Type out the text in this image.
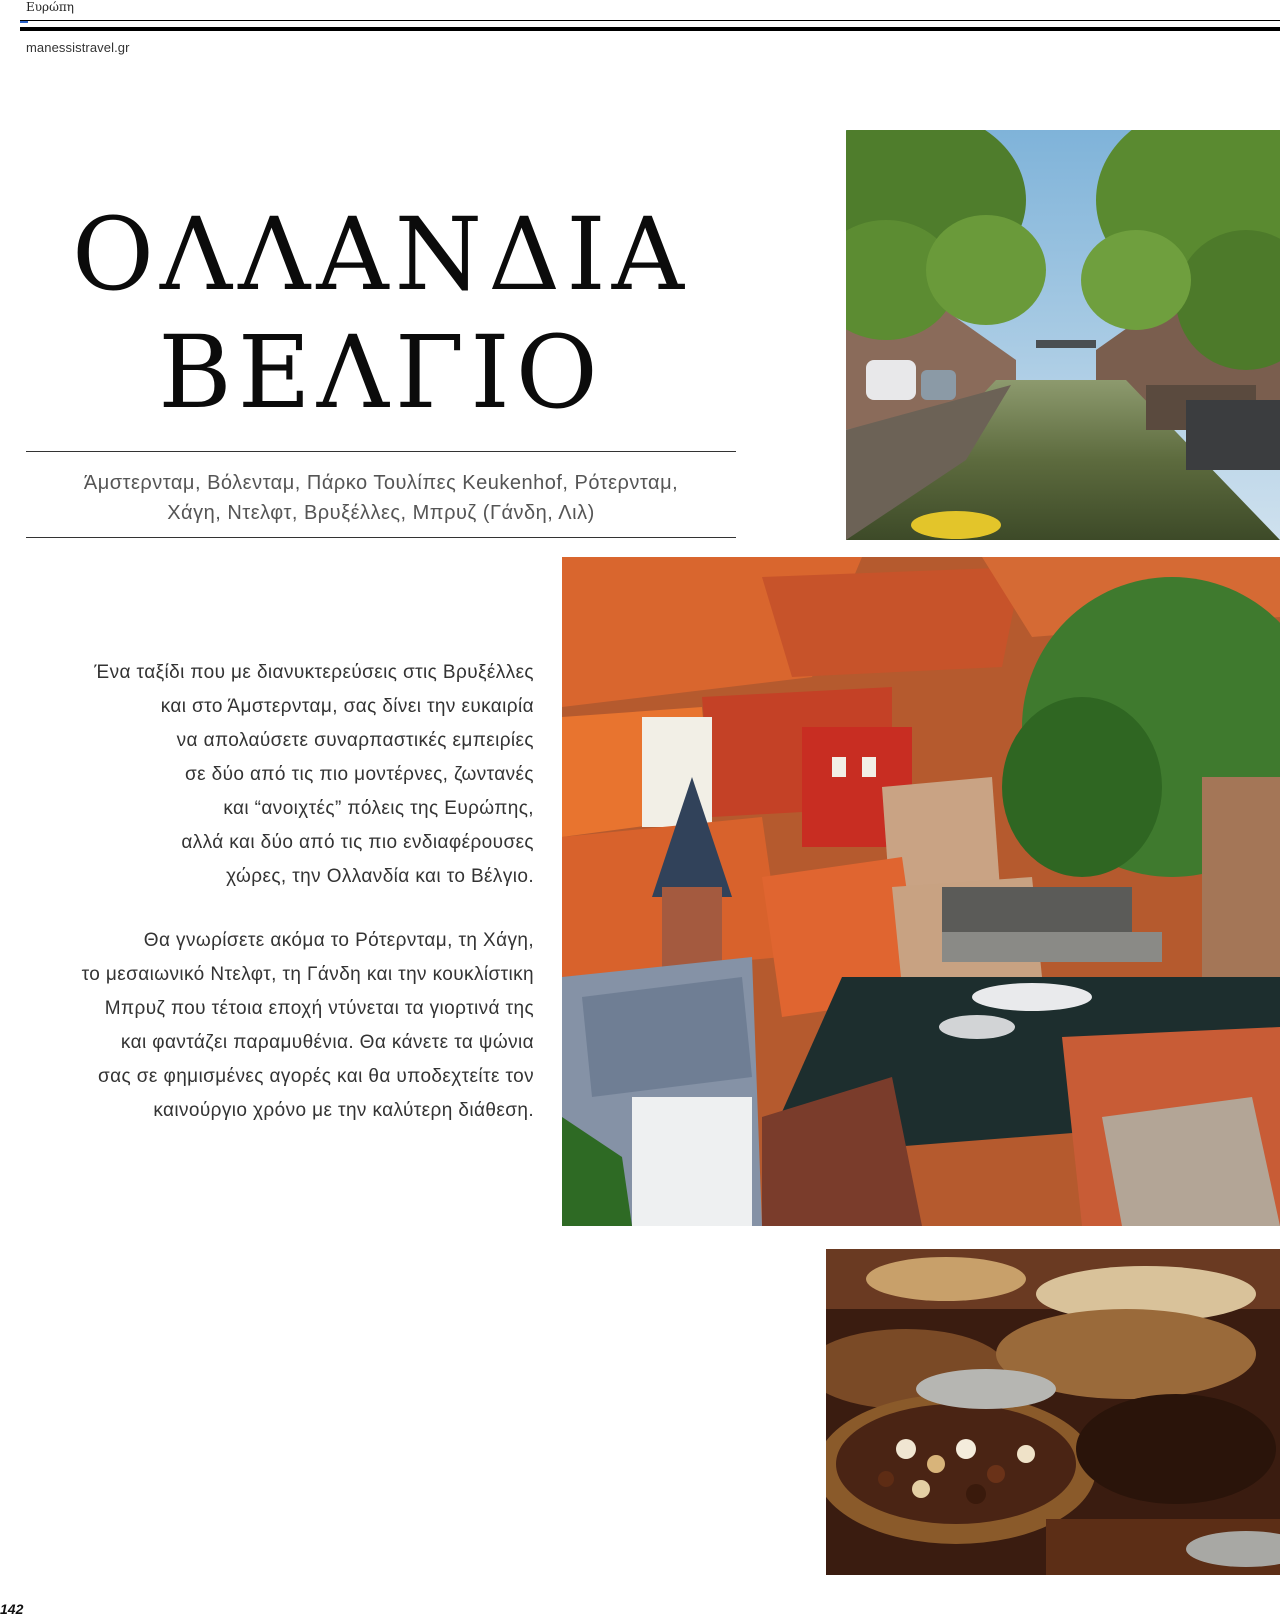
Ευρώπη
manessistravel.gr
ΟΛΛΑΝΔΙΑ
ΒΕΛΓΙΟ
Άμστερνταμ, Βόλενταμ, Πάρκο Τουλίπες Keukenhof, Ρότερνταμ,
Χάγη, Ντελφτ, Βρυξέλλες, Μπρυζ (Γάνδη, Λιλ)

Ένα ταξίδι που με διανυκτερεύσεις στις Βρυξέλλες

και στο Άμστερνταμ, σας δίνει την ευκαιρία

να απολαύσετε συναρπαστικές εμπειρίες

σε δύο από τις πιο μοντέρνες, ζωντανές

και “ανοιχτές” πόλεις της Ευρώπης,

αλλά και δύο από τις πιο ενδιαφέρουσες

χώρες, την Ολλανδία και το Βέλγιο.

Θα γνωρίσετε ακόμα το Ρότερνταμ, τη Χάγη,

το μεσαιωνικό Ντελφτ, τη Γάνδη και την κουκλίστικη

Μπρυζ που τέτοια εποχή ντύνεται τα γιορτινά της

και φαντάζει παραμυθένια. Θα κάνετε τα ψώνια

σας σε φημισμένες αγορές και θα υποδεχτείτε τον

καινούργιο χρόνο με την καλύτερη διάθεση.

142
